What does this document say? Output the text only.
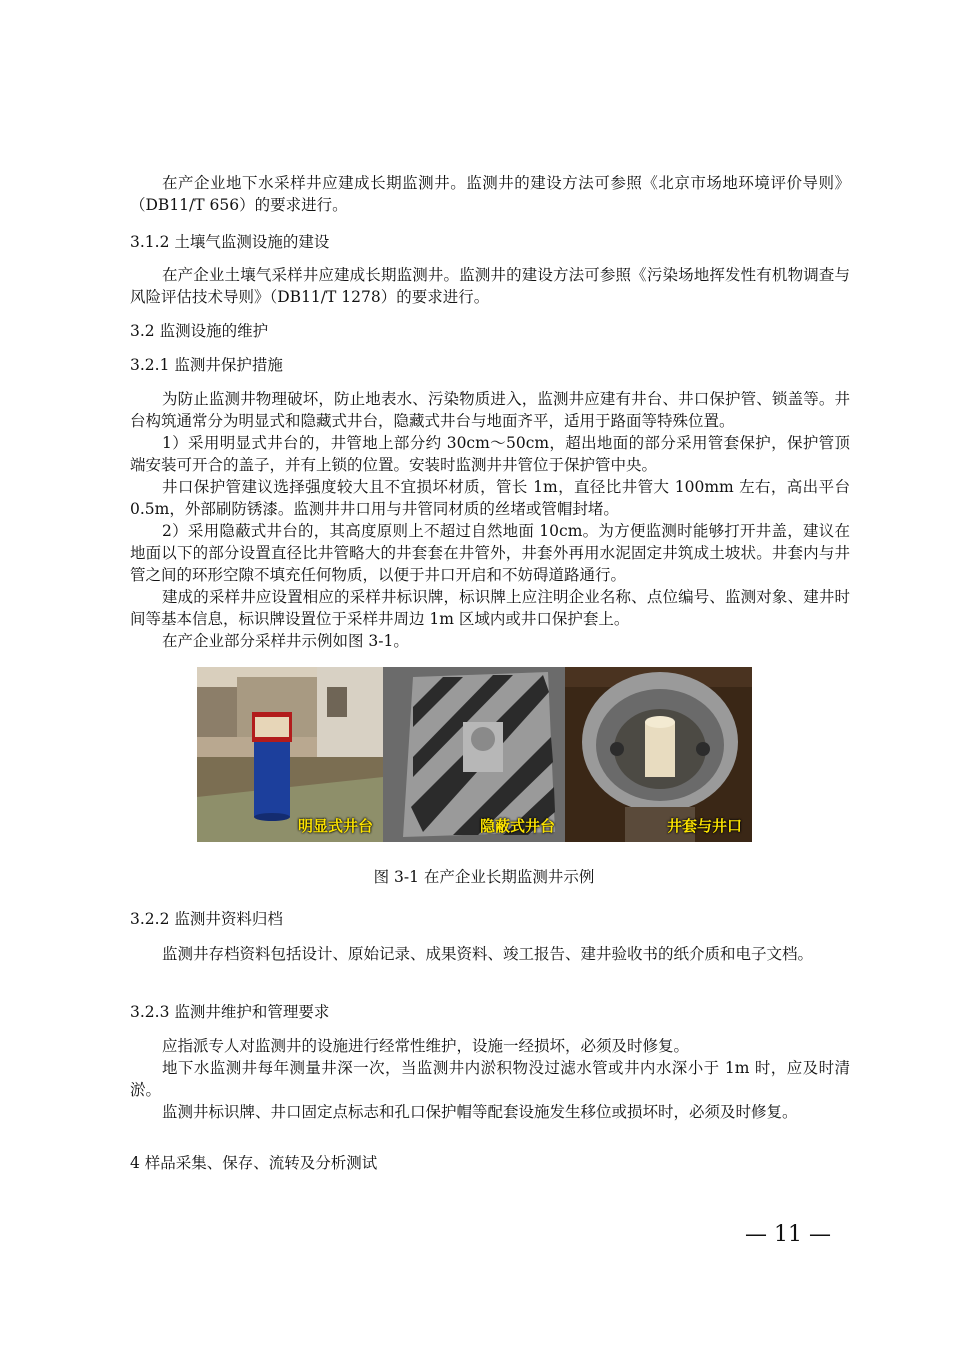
在产企业地下水采样井应建成长期监测井。监测井的建设方法可参照《北京市场地环境评价导则》（DB11/T 656）的要求进行。

3.1.2 土壤气监测设施的建设

在产企业土壤气采样井应建成长期监测井。监测井的建设方法可参照《污染场地挥发性有机物调查与风险评估技术导则》（DB11/T 1278）的要求进行。

3.2 监测设施的维护
3.2.1 监测井保护措施

为防止监测井物理破坏，防止地表水、污染物质进入，监测井应建有井台、井口保护管、锁盖等。井台构筑通常分为明显式和隐藏式井台，隐藏式井台与地面齐平，适用于路面等特殊位置。

1）采用明显式井台的，井管地上部分约 30cm～50cm，超出地面的部分采用管套保护，保护管顶端安装可开合的盖子，并有上锁的位置。安装时监测井井管位于保护管中央。

井口保护管建议选择强度较大且不宜损坏材质，管长 1m，直径比井管大 100mm 左右，高出平台 0.5m，外部刷防锈漆。监测井井口用与井管同材质的丝堵或管帽封堵。

2）采用隐蔽式井台的，其高度原则上不超过自然地面 10cm。为方便监测时能够打开井盖，建议在地面以下的部分设置直径比井管略大的井套套在井管外，井套外再用水泥固定井筑成土坡状。井套内与井管之间的环形空隙不填充任何物质，以便于井口开启和不妨碍道路通行。

建成的采样井应设置相应的采样井标识牌，标识牌上应注明企业名称、点位编号、监测对象、建井时间等基本信息，标识牌设置位于采样井周边 1m 区域内或井口保护套上。

在产企业部分采样井示例如图 3-1。

明显式井台	隐蔽式井台	井套与井口
图 3-1 在产企业长期监测井示例
3.2.2 监测井资料归档

监测井存档资料包括设计、原始记录、成果资料、竣工报告、建井验收书的纸介质和电子文档。

3.2.3 监测井维护和管理要求

应指派专人对监测井的设施进行经常性维护，设施一经损坏，必须及时修复。

地下水监测井每年测量井深一次，当监测井内淤积物没过滤水管或井内水深小于 1m 时，应及时清淤。

监测井标识牌、井口固定点标志和孔口保护帽等配套设施发生移位或损坏时，必须及时修复。

4 样品采集、保存、流转及分析测试
— 11 —
